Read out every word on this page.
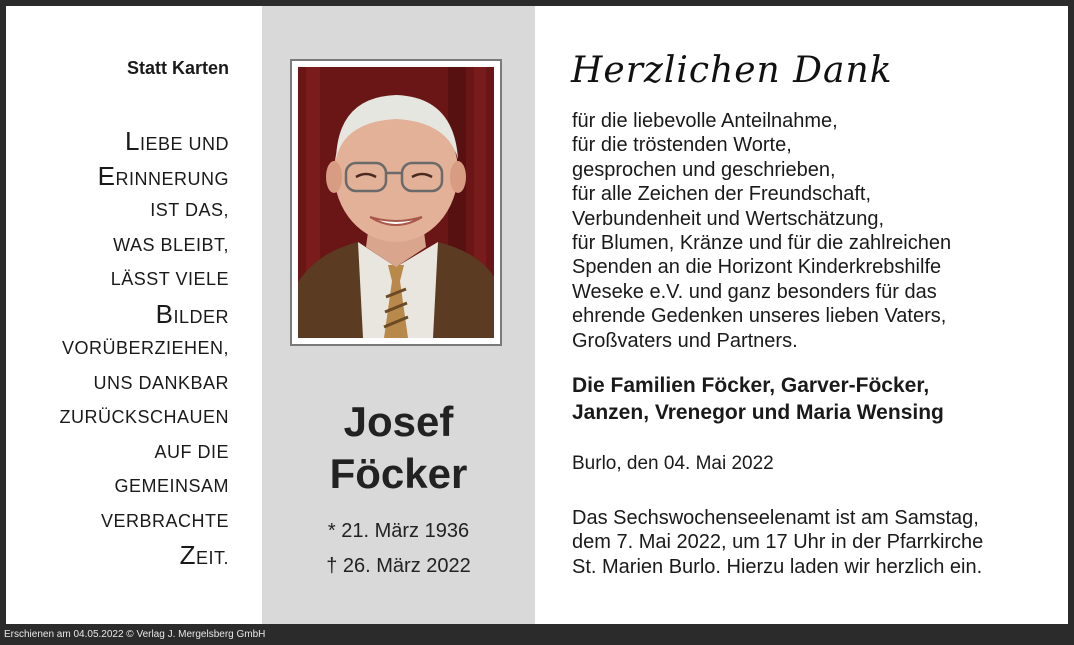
Statt Karten
LIEBE UND
ERINNERUNG
IST DAS,
WAS BLEIBT,
LÄSST VIELE
BILDER
VORÜBERZIEHEN,
UNS DANKBAR
ZURÜCKSCHAUEN
AUF DIE
GEMEINSAM
VERBRACHTE
ZEIT.
Josef
Föcker
* 21. März 1936
† 26. März 2022
Herzlichen Dank
für die liebevolle Anteilnahme,
für die tröstenden Worte,
gesprochen und geschrieben,
für alle Zeichen der Freundschaft,
Verbundenheit und Wertschätzung,
für Blumen, Kränze und für die zahlreichen
Spenden an die Horizont Kinderkrebshilfe
Weseke e.V. und ganz besonders für das
ehrende Gedenken unseres lieben Vaters,
Großvaters und Partners.
Die Familien Föcker, Garver-Föcker,
Janzen, Vrenegor und Maria Wensing
Burlo, den 04. Mai 2022
Das Sechswochenseelenamt ist am Samstag,
dem 7. Mai 2022, um 17 Uhr in der Pfarrkirche
St. Marien Burlo. Hierzu laden wir herzlich ein.
Erschienen am 04.05.2022 © Verlag J. Mergelsberg GmbH
